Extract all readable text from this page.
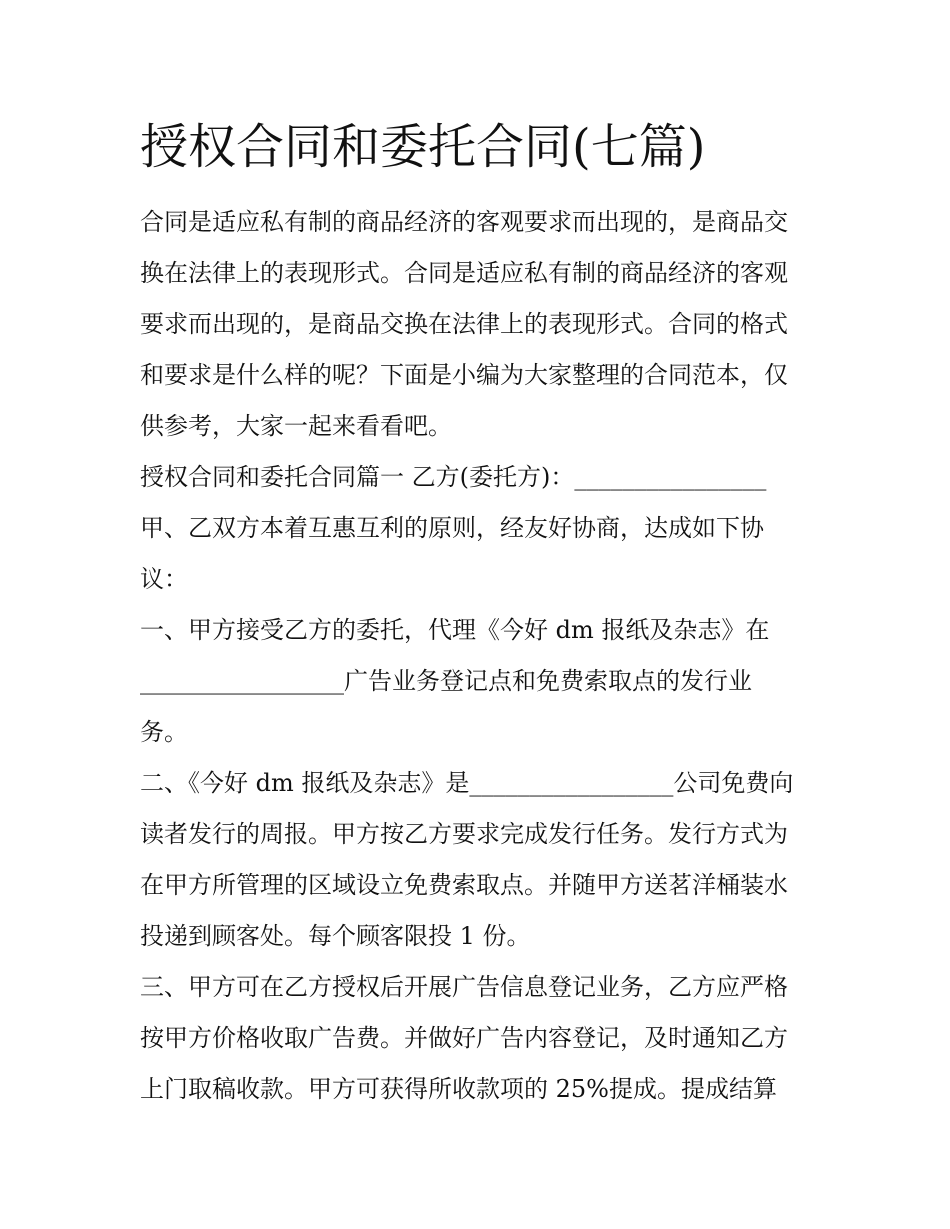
授权合同和委托合同(七篇)
合同是适应私有制的商品经济的客观要求而出现的，是商品交
换在法律上的表现形式。合同是适应私有制的商品经济的客观
要求而出现的，是商品交换在法律上的表现形式。合同的格式
和要求是什么样的呢？下面是小编为大家整理的合同范本，仅
供参考，大家一起来看看吧。
授权合同和委托合同篇一 乙方(委托方)：________________
甲、乙双方本着互惠互利的原则，经友好协商，达成如下协
议：
一、甲方接受乙方的委托，代理《今好 dm 报纸及杂志》在
_________________广告业务登记点和免费索取点的发行业
务。
二、《今好 dm 报纸及杂志》是_________________公司免费向
读者发行的周报。甲方按乙方要求完成发行任务。发行方式为
在甲方所管理的区域设立免费索取点。并随甲方送茗洋桶装水
投递到顾客处。每个顾客限投 1 份。
三、甲方可在乙方授权后开展广告信息登记业务，乙方应严格
按甲方价格收取广告费。并做好广告内容登记，及时通知乙方
上门取稿收款。甲方可获得所收款项的 25%提成。提成结算
